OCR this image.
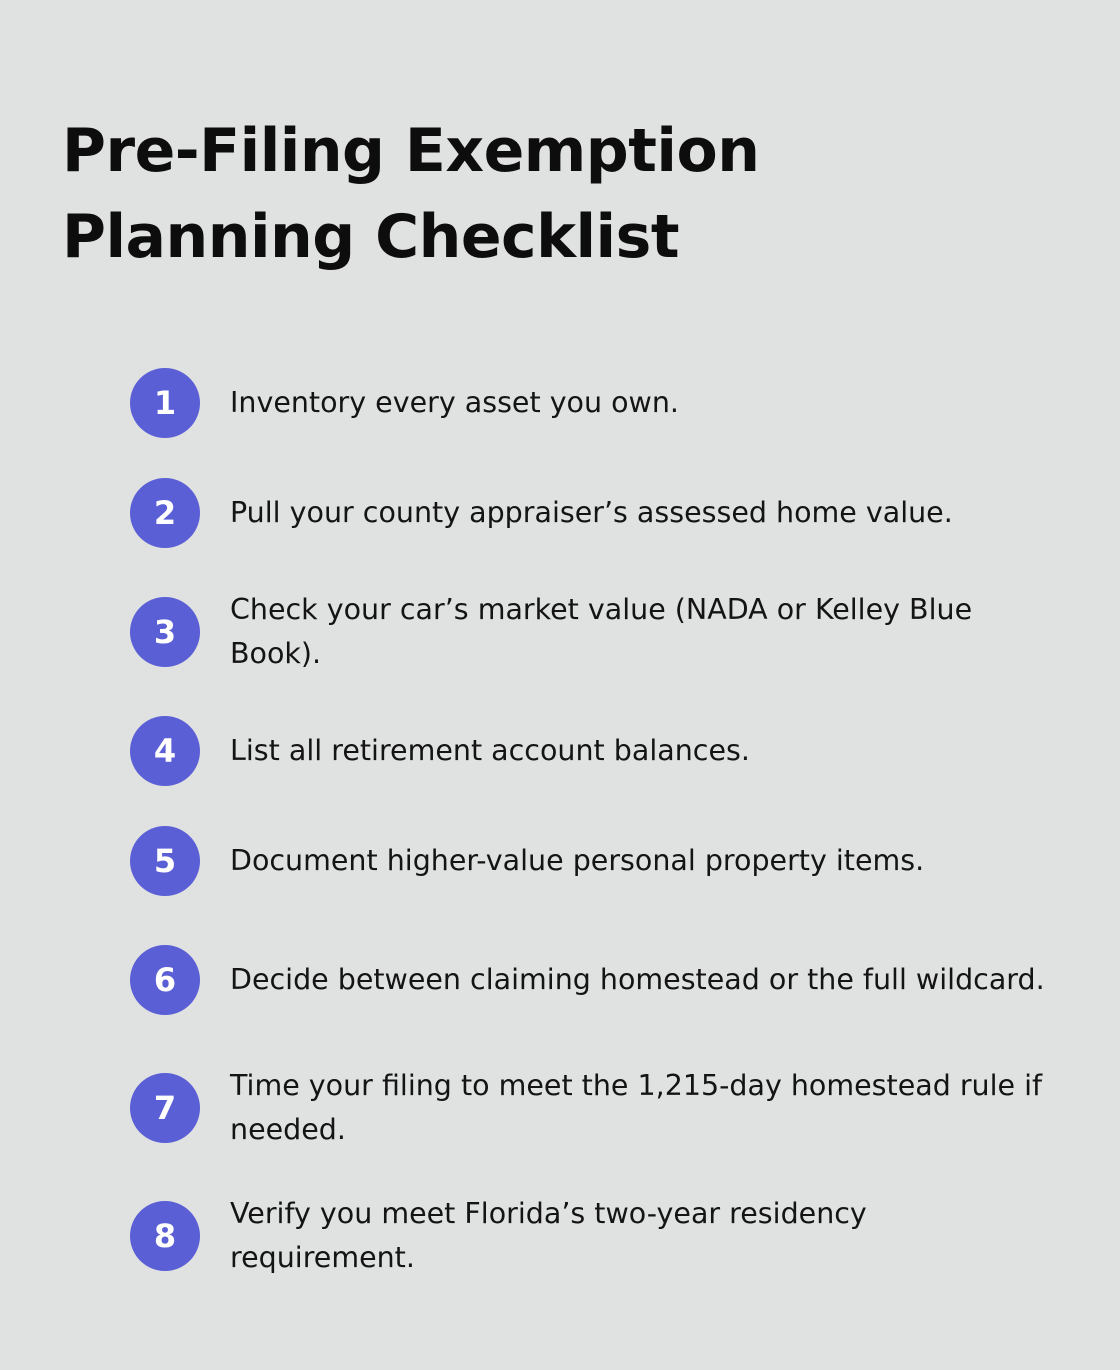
Pre-Filing Exemption Planning Checklist
1	Inventory every asset you own.
2	Pull your county appraiser’s assessed home value.
3
Check your car’s market value (NADA or Kelley Blue Book).
4	List all retirement account balances.
5	Document higher-value personal property items.
6	Decide between claiming homestead or the full wildcard.
7
Time your filing to meet the 1,215-day homestead rule if needed.
8
Verify you meet Florida’s two-year residency requirement.
